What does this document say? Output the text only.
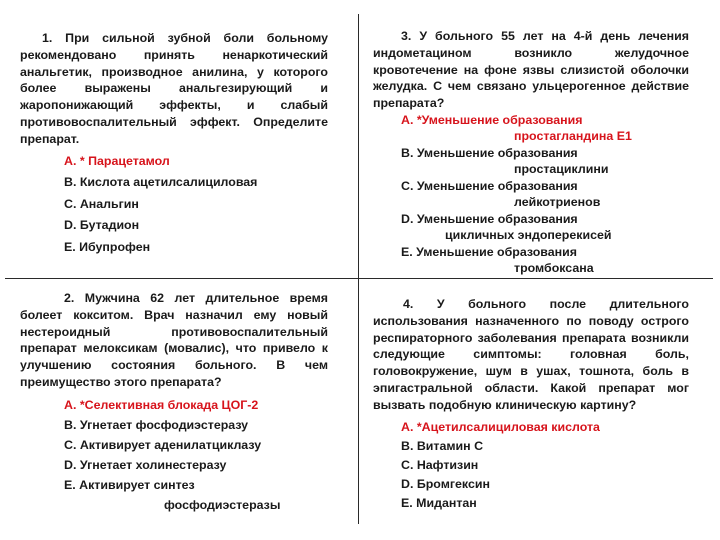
1. При сильной зубной боли больному рекомендовано принять ненаркотический анальгетик, производное анилина, у которого более выражены анальгезирующий и жаропонижающий эффекты, и слабый противовоспалительный эффект. Определите препарат.
А. * Парацетамол
В. Кислота ацетилсалициловая
С. Анальгин
D. Бутадион
Е. Ибупрофен
2. Мужчина 62 лет длительное время болеет кокситом. Врач назначил ему новый нестероидный противовоспалительный препарат мелоксикам (мовалис), что привело к улучшению состояния больного. В чем преимущество этого препарата?
А. *Селективная блокада ЦОГ-2
В. Угнетает фосфодиэстеразу
С. Активирует аденилатциклазу
D. Угнетает холинестеразу
Е. Активирует синтез
фосфодиэстеразы
3. У больного 55 лет на 4-й день лечения индометацином возникло желудочное кровотечение на фоне язвы слизистой оболочки желудка. С чем связано ульцерогенное действие препарата?
А. *Уменьшение образования
простагландина Е1
В. Уменьшение образования
простациклини
С. Уменьшение образования
лейкотриенов
D. Уменьшение образования
цикличных эндоперекисей
Е. Уменьшение образования
тромбоксана
4. У больного после длительного использования назначенного по поводу острого респираторного заболевания препарата возникли следующие симптомы: головная боль, головокружение, шум в ушах, тошнота, боль в эпигастральной области. Какой препарат мог вызвать подобную клиническую картину?
А. *Ацетилсалициловая кислота
В. Витамин С
С. Нафтизин
D. Бромгексин
Е. Мидантан
